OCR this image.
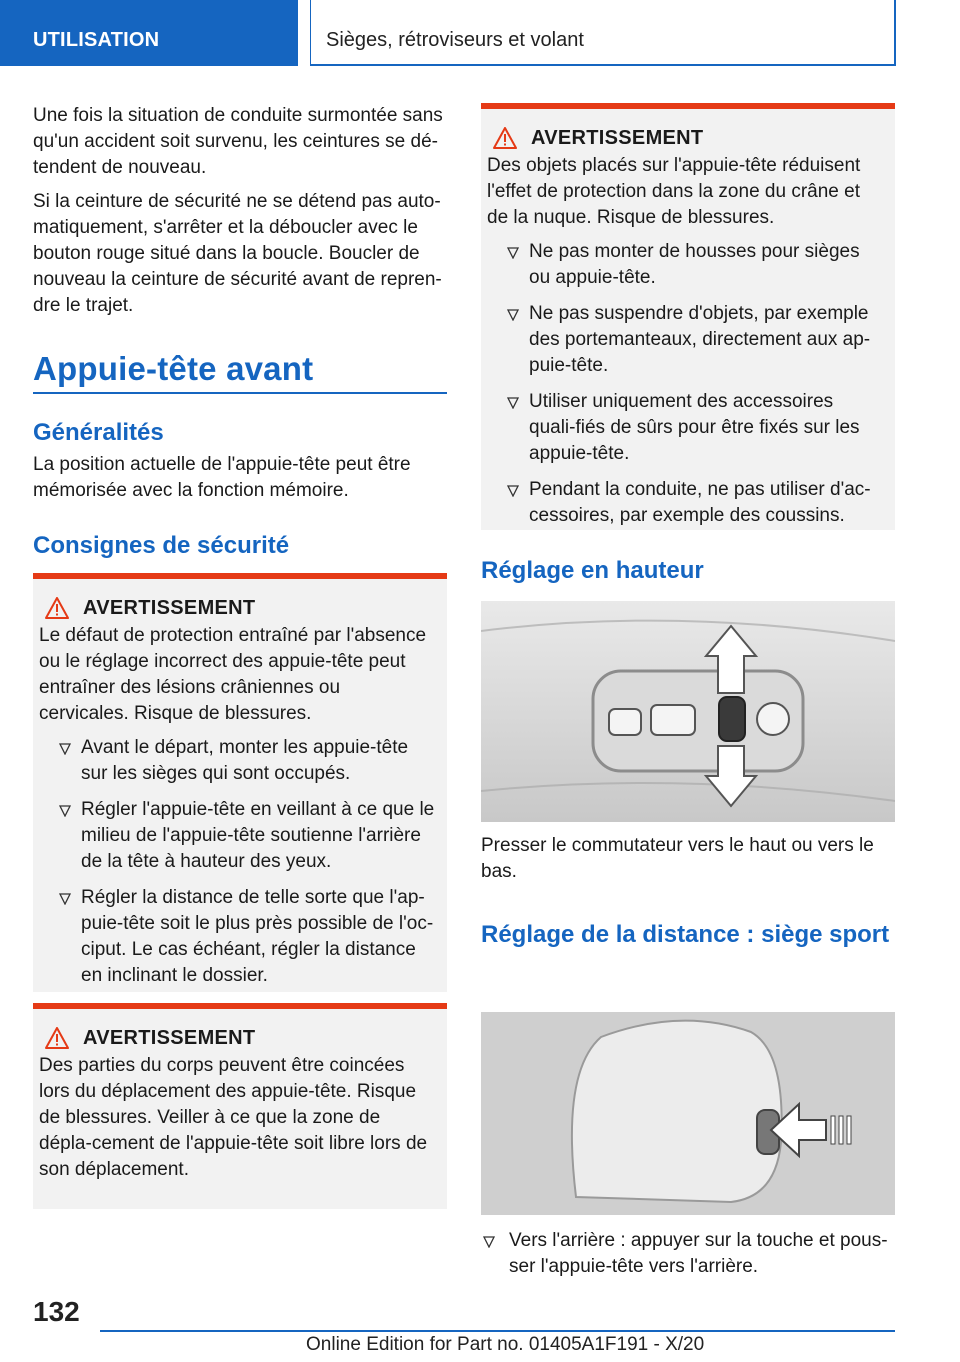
UTILISATION	Sièges, rétroviseurs et volant

Une fois la situation de conduite surmontée sans qu'un accident soit survenu, les ceintures se dé-tendent de nouveau.

Si la ceinture de sécurité ne se détend pas auto-matiquement, s'arrêter et la déboucler avec le bouton rouge situé dans la boucle. Boucler de nouveau la ceinture de sécurité avant de repren-dre le trajet.

Appuie-tête avant
Généralités

La position actuelle de l'appuie-tête peut être mémorisée avec la fonction mémoire.

Consignes de sécurité
AVERTISSEMENT
Le défaut de protection entraîné par l'absence ou le réglage incorrect des appuie-tête peut entraîner des lésions crâniennes ou cervicales. Risque de blessures.
Avant le départ, monter les appuie-tête sur les sièges qui sont occupés.
Régler l'appuie-tête en veillant à ce que le milieu de l'appuie-tête soutienne l'arrière de la tête à hauteur des yeux.
Régler la distance de telle sorte que l'ap-puie-tête soit le plus près possible de l'oc-ciput. Le cas échéant, régler la distance en inclinant le dossier.
AVERTISSEMENT
Des parties du corps peuvent être coincées lors du déplacement des appuie-tête. Risque de blessures. Veiller à ce que la zone de dépla-cement de l'appuie-tête soit libre lors de son déplacement.
AVERTISSEMENT
Des objets placés sur l'appuie-tête réduisent l'effet de protection dans la zone du crâne et de la nuque. Risque de blessures.
Ne pas monter de housses pour sièges ou appuie-tête.
Ne pas suspendre d'objets, par exemple des portemanteaux, directement aux ap-puie-tête.
Utiliser uniquement des accessoires quali-fiés de sûrs pour être fixés sur les appuie-tête.
Pendant la conduite, ne pas utiliser d'ac-cessoires, par exemple des coussins.
Réglage en hauteur

Presser le commutateur vers le haut ou vers le bas.

Réglage de la distance : siège sport
Vers l'arrière : appuyer sur la touche et pous-ser l'appuie-tête vers l'arrière.
132
Online Edition for Part no. 01405A1F191 - X/20
